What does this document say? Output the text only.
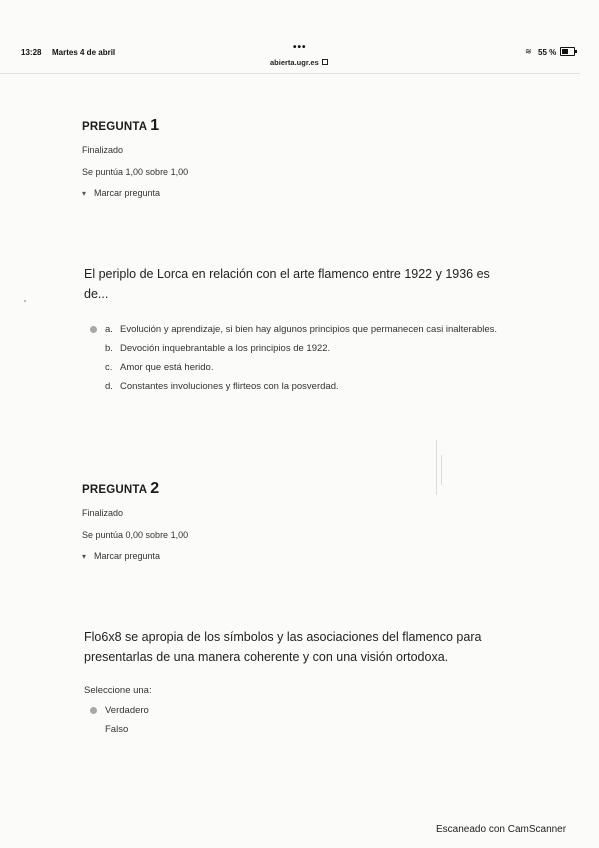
13:28 Martes 4 de abril	•••
abierta.ugr.es
≋ 55 %
PREGUNTA 1
Finalizado
Se puntúa 1,00 sobre 1,00
▾ Marcar pregunta
El periplo de Lorca en relación con el arte flamenco entre 1922 y 1936 es de...
a. Evolución y aprendizaje, si bien hay algunos principios que permanecen casi inalterables.
b. Devoción inquebrantable a los principios de 1922.
c. Amor que está herido.
d. Constantes involuciones y flirteos con la posverdad.
PREGUNTA 2
Finalizado
Se puntúa 0,00 sobre 1,00
▾ Marcar pregunta
Flo6x8 se apropia de los símbolos y las asociaciones del flamenco para presentarlas de una manera coherente y con una visión ortodoxa.
Seleccione una:
Verdadero
Falso
Escaneado con CamScanner
